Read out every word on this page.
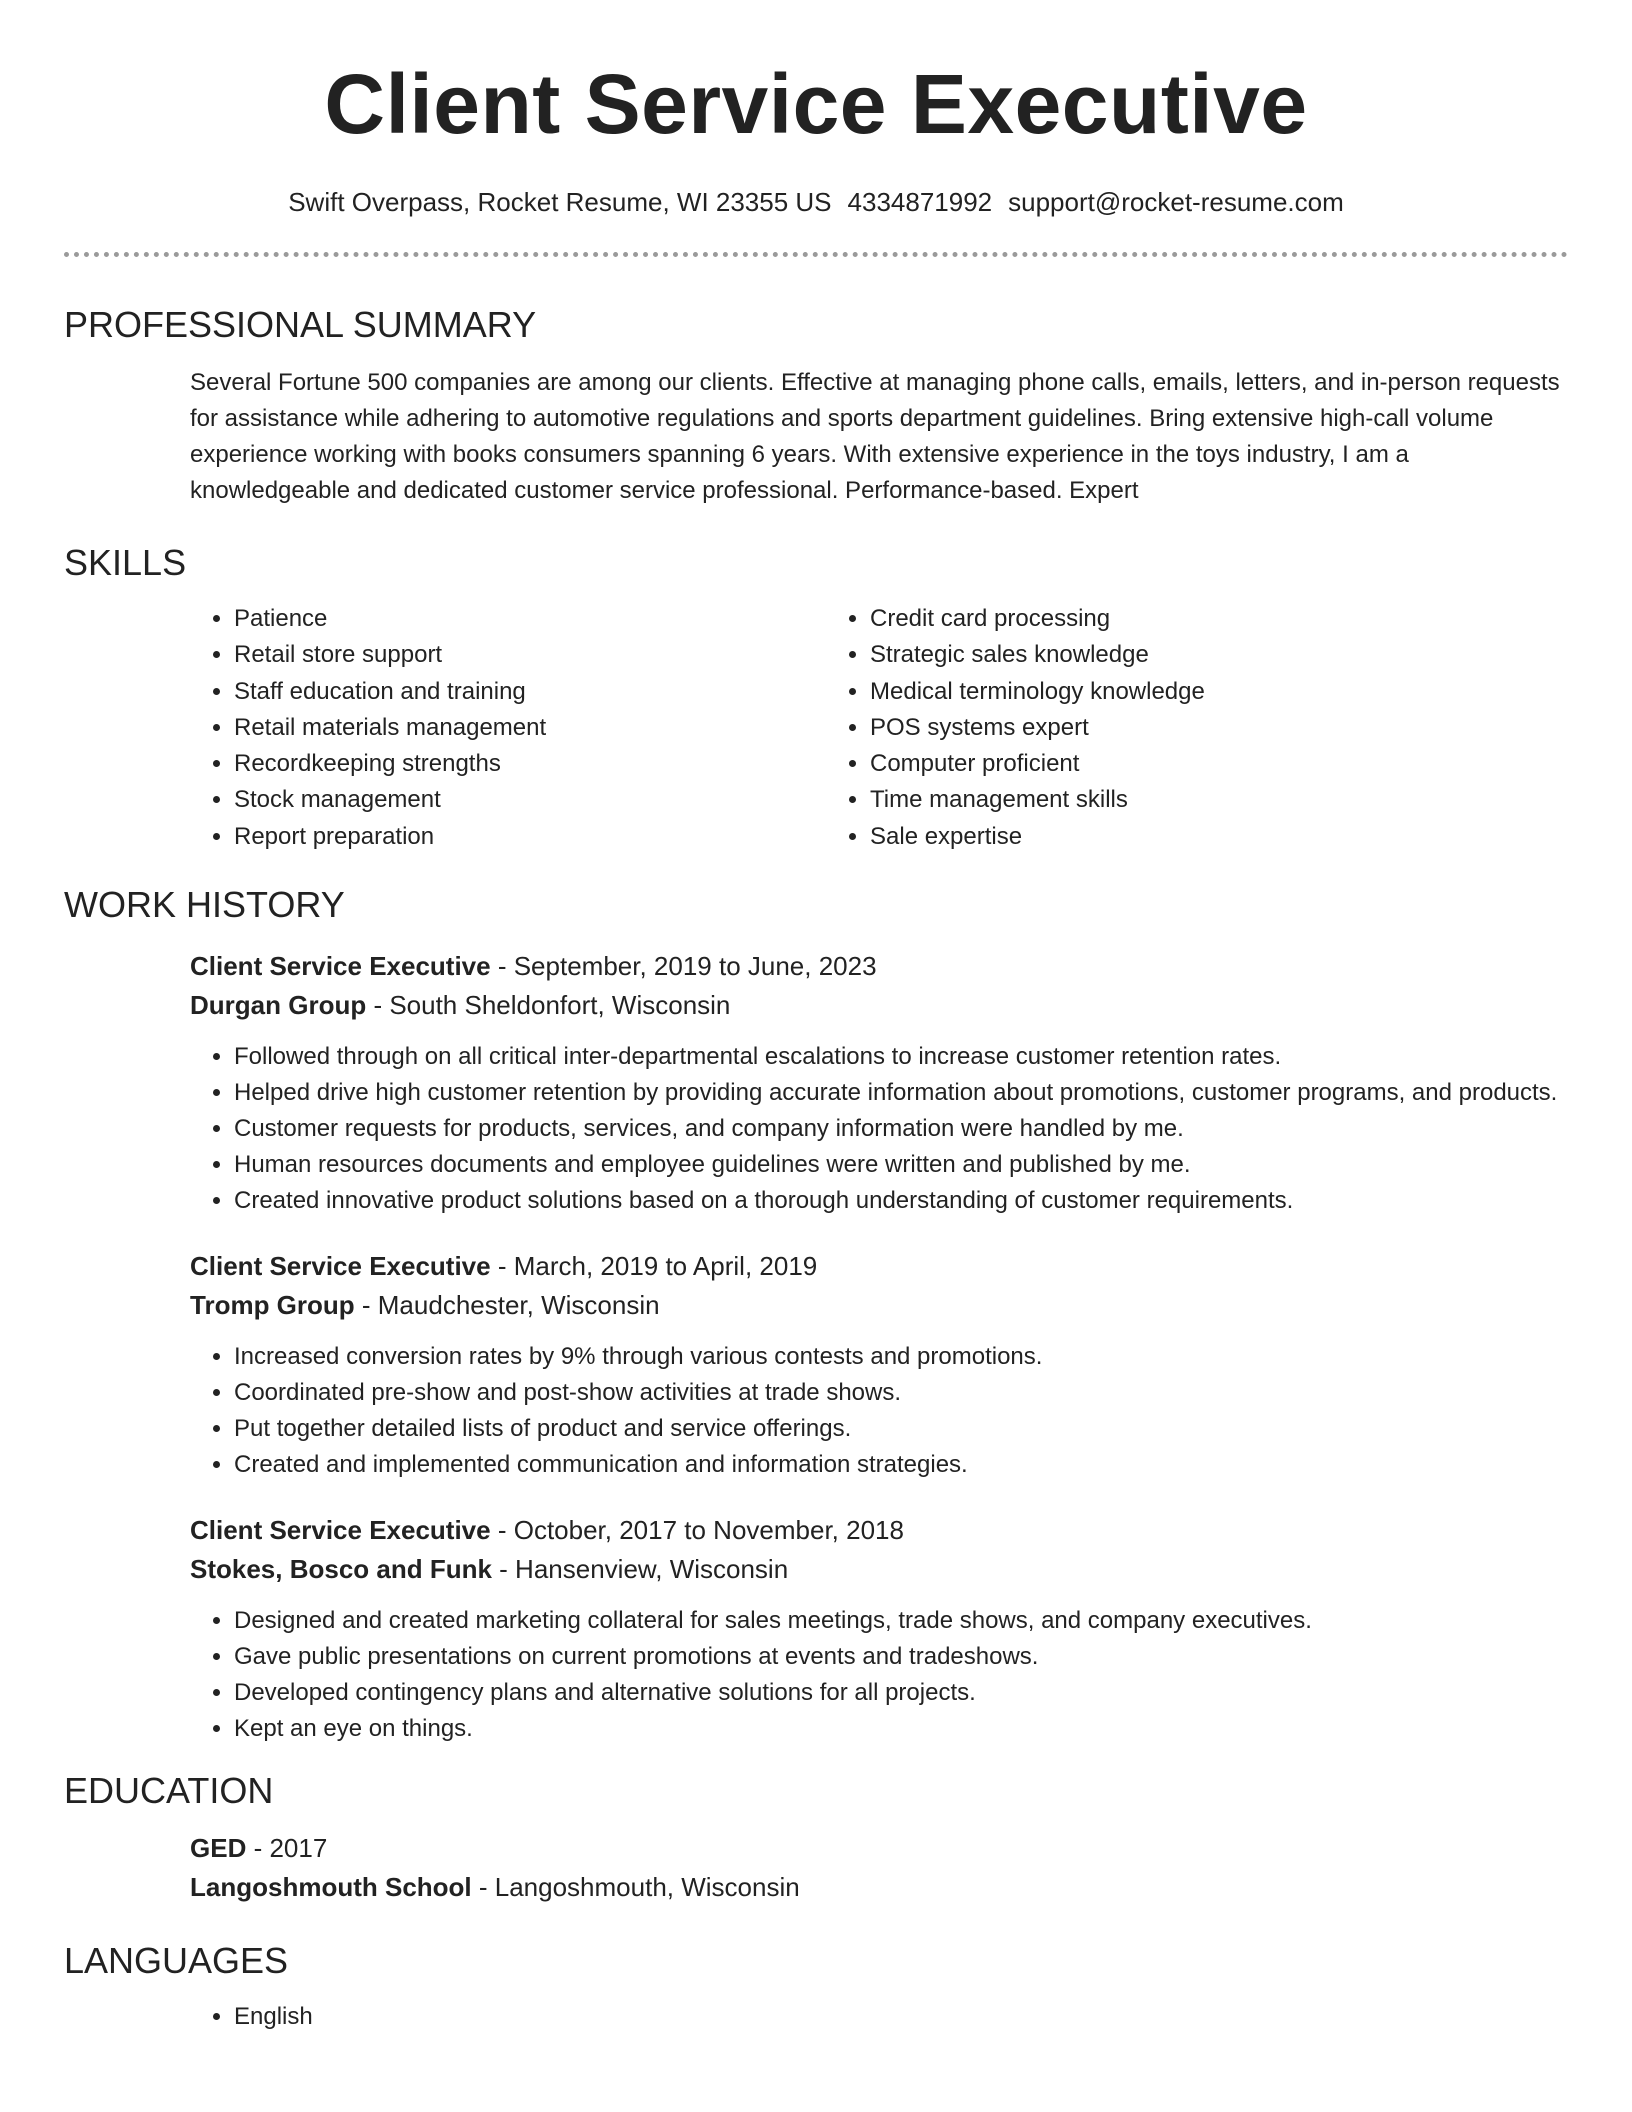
Client Service Executive
Swift Overpass, Rocket Resume, WI 23355 US 4334871992 support@rocket-resume.com
PROFESSIONAL SUMMARY

Several Fortune 500 companies are among our clients. Effective at managing phone calls, emails, letters, and in-person requests for assistance while adhering to automotive regulations and sports department guidelines. Bring extensive high-call volume experience working with books consumers spanning 6 years. With extensive experience in the toys industry, I am a knowledgeable and dedicated customer service professional. Performance-based. Expert

SKILLS
• Patience
• Retail store support
• Staff education and training
• Retail materials management
• Recordkeeping strengths
• Stock management
• Report preparation
• Credit card processing
• Strategic sales knowledge
• Medical terminology knowledge
• POS systems expert
• Computer proficient
• Time management skills
• Sale expertise
WORK HISTORY
Client Service Executive - September, 2019 to June, 2023
Durgan Group - South Sheldonfort, Wisconsin
• Followed through on all critical inter-departmental escalations to increase customer retention rates.
• Helped drive high customer retention by providing accurate information about promotions, customer programs, and products.
• Customer requests for products, services, and company information were handled by me.
• Human resources documents and employee guidelines were written and published by me.
• Created innovative product solutions based on a thorough understanding of customer requirements.
Client Service Executive - March, 2019 to April, 2019
Tromp Group - Maudchester, Wisconsin
• Increased conversion rates by 9% through various contests and promotions.
• Coordinated pre-show and post-show activities at trade shows.
• Put together detailed lists of product and service offerings.
• Created and implemented communication and information strategies.
Client Service Executive - October, 2017 to November, 2018
Stokes, Bosco and Funk - Hansenview, Wisconsin
• Designed and created marketing collateral for sales meetings, trade shows, and company executives.
• Gave public presentations on current promotions at events and tradeshows.
• Developed contingency plans and alternative solutions for all projects.
• Kept an eye on things.
EDUCATION
GED - 2017
Langoshmouth School - Langoshmouth, Wisconsin
LANGUAGES
• English
